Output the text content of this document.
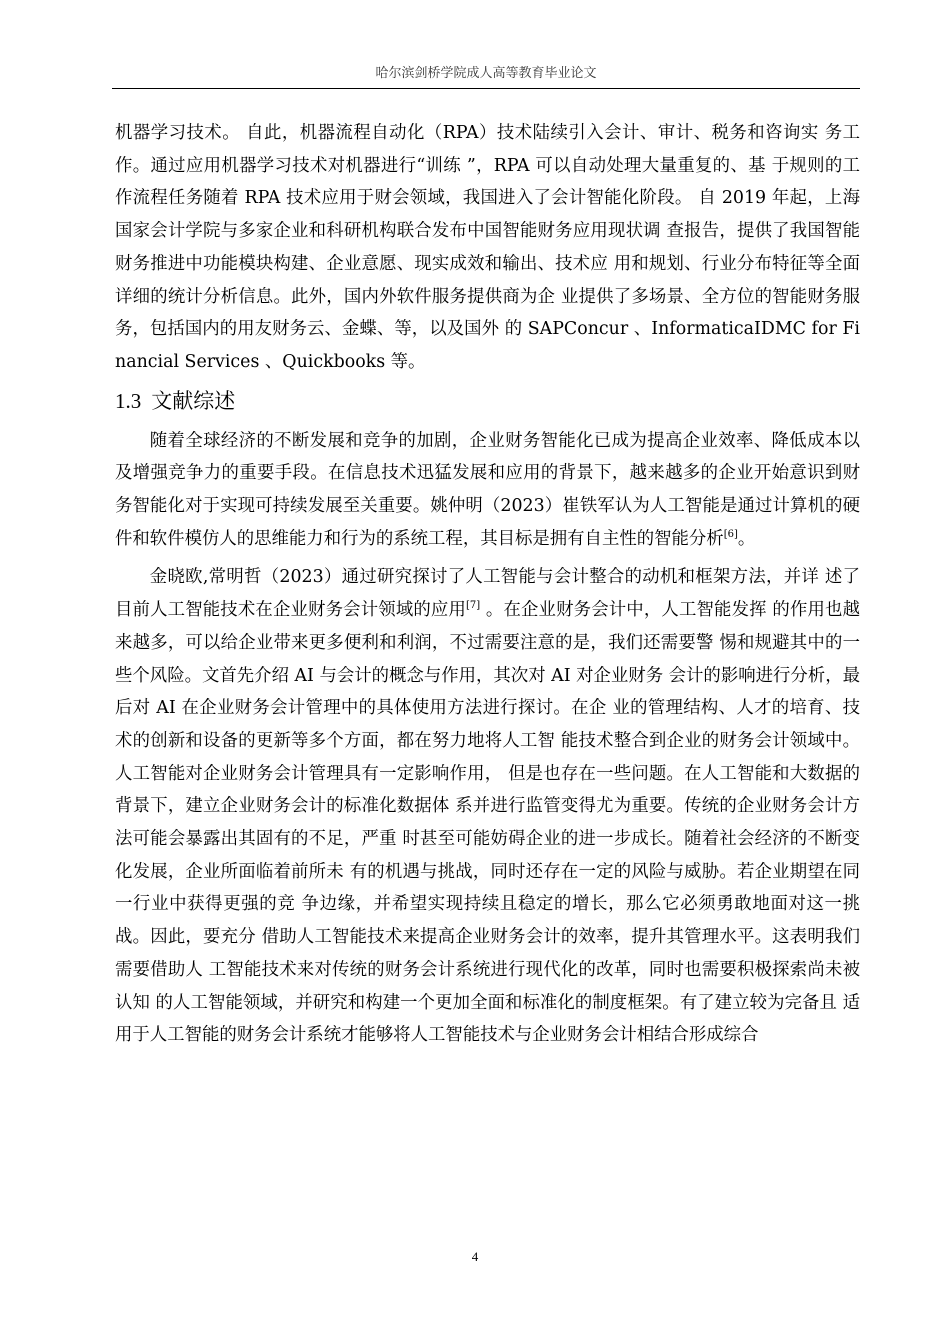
哈尔滨剑桥学院成人高等教育毕业论文

机器学习技术。 自此，机器流程自动化（RPA）技术陆续引入会计、审计、税务和咨询实 务工作。通过应用机器学习技术对机器进行“训练 ”，RPA 可以自动处理大量重复的、基 于规则的工作流程任务随着 RPA 技术应用于财会领域，我国进入了会计智能化阶段。 自 2019 年起，上海国家会计学院与多家企业和科研机构联合发布中国智能财务应用现状调 查报告，提供了我国智能财务推进中功能模块构建、企业意愿、现实成效和输出、技术应 用和规划、行业分布特征等全面详细的统计分析信息。此外，国内外软件服务提供商为企 业提供了多场景、全方位的智能财务服务，包括国内的用友财务云、金蝶、等，以及国外 的 SAPConcur 、InformaticaIDMC for Financial Services 、Quickbooks 等。

1.3 文献综述

随着全球经济的不断发展和竞争的加剧，企业财务智能化已成为提高企业效率、降低成本以及增强竞争力的重要手段。在信息技术迅猛发展和应用的背景下，越来越多的企业开始意识到财务智能化对于实现可持续发展至关重要。姚仲明（2023）崔铁军认为人工智能是通过计算机的硬件和软件模仿人的思维能力和行为的系统工程，其目标是拥有自主性的智能分析[6]。

金晓欧,常明哲（2023）通过研究探讨了人工智能与会计整合的动机和框架方法，并详 述了目前人工智能技术在企业财务会计领域的应用[7] 。在企业财务会计中，人工智能发挥 的作用也越来越多，可以给企业带来更多便利和利润，不过需要注意的是，我们还需要警 惕和规避其中的一些个风险。文首先介绍 AI 与会计的概念与作用，其次对 AI 对企业财务 会计的影响进行分析，最后对 AI 在企业财务会计管理中的具体使用方法进行探讨。在企 业的管理结构、人才的培育、技术的创新和设备的更新等多个方面，都在努力地将人工智 能技术整合到企业的财务会计领域中。人工智能对企业财务会计管理具有一定影响作用， 但是也存在一些问题。在人工智能和大数据的背景下，建立企业财务会计的标准化数据体 系并进行监管变得尤为重要。传统的企业财务会计方法可能会暴露出其固有的不足，严重 时甚至可能妨碍企业的进一步成长。随着社会经济的不断变化发展，企业所面临着前所未 有的机遇与挑战，同时还存在一定的风险与威胁。若企业期望在同一行业中获得更强的竞 争边缘，并希望实现持续且稳定的增长，那么它必须勇敢地面对这一挑战。因此，要充分 借助人工智能技术来提高企业财务会计的效率，提升其管理水平。这表明我们需要借助人 工智能技术来对传统的财务会计系统进行现代化的改革，同时也需要积极探索尚未被认知 的人工智能领域，并研究和构建一个更加全面和标准化的制度框架。有了建立较为完备且 适用于人工智能的财务会计系统才能够将人工智能技术与企业财务会计相结合形成综合

4
